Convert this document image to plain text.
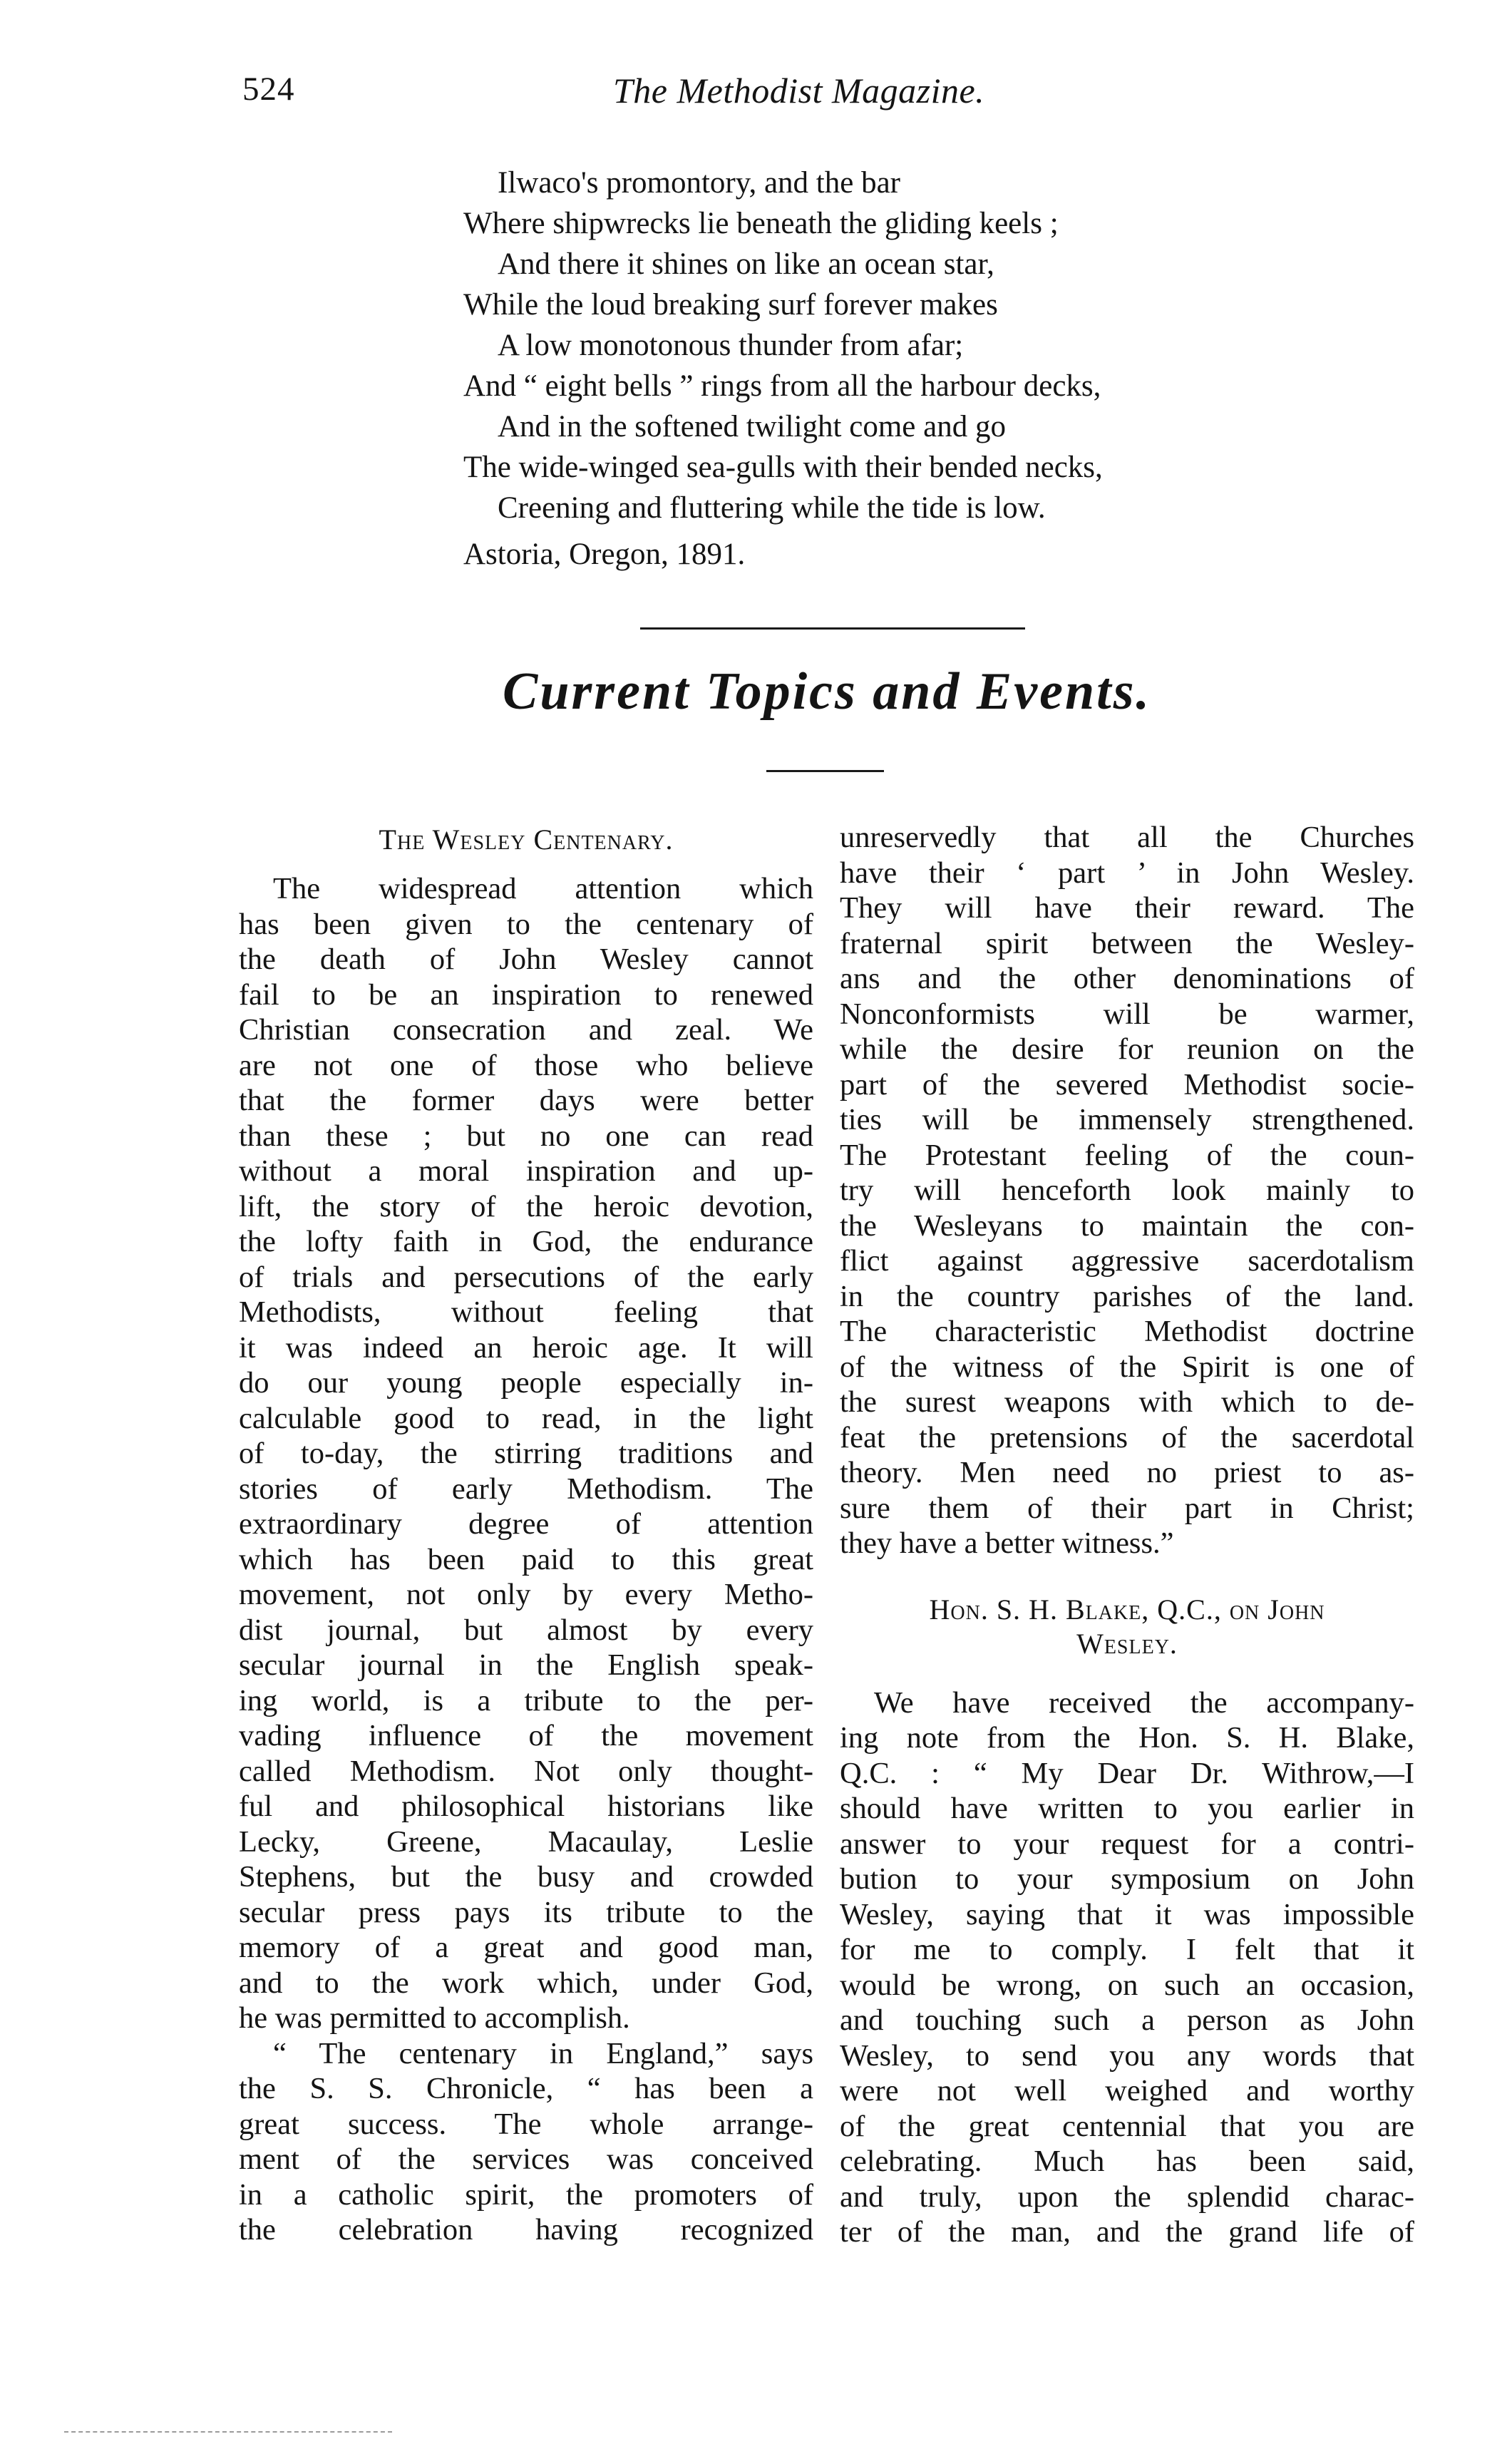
524	The Methodist Magazine.
Ilwaco's promontory, and the bar
Where shipwrecks lie beneath the gliding keels ;
And there it shines on like an ocean star,
While the loud breaking surf forever makes
A low monotonous thunder from afar;
And “ eight bells ” rings from all the harbour decks,
And in the softened twilight come and go
The wide-winged sea-gulls with their bended necks,
Creening and fluttering while the tide is low.
Astoria, Oregon, 1891.
Current Topics and Events.
The Wesley Centenary.
The widespread attention which
has been given to the centenary of
the death of John Wesley cannot
fail to be an inspiration to renewed
Christian consecration and zeal. We
are not one of those who believe
that the former days were better
than these ; but no one can read
without a moral inspiration and up-
lift, the story of the heroic devotion,
the lofty faith in God, the endurance
of trials and persecutions of the early
Methodists, without feeling that
it was indeed an heroic age. It will
do our young people especially in-
calculable good to read, in the light
of to-day, the stirring traditions and
stories of early Methodism. The
extraordinary degree of attention
which has been paid to this great
movement, not only by every Metho-
dist journal, but almost by every
secular journal in the English speak-
ing world, is a tribute to the per-
vading influence of the movement
called Methodism. Not only thought-
ful and philosophical historians like
Lecky, Greene, Macaulay, Leslie
Stephens, but the busy and crowded
secular press pays its tribute to the
memory of a great and good man,
and to the work which, under God,
he was permitted to accomplish.
“ The centenary in England,” says
the S. S. Chronicle, “ has been a
great success. The whole arrange-
ment of the services was conceived
in a catholic spirit, the promoters of
the celebration having recognized
unreservedly that all the Churches
have their ‘ part ’ in John Wesley.
They will have their reward. The
fraternal spirit between the Wesley-
ans and the other denominations of
Nonconformists will be warmer,
while the desire for reunion on the
part of the severed Methodist socie-
ties will be immensely strengthened.
The Protestant feeling of the coun-
try will henceforth look mainly to
the Wesleyans to maintain the con-
flict against aggressive sacerdotalism
in the country parishes of the land.
The characteristic Methodist doctrine
of the witness of the Spirit is one of
the surest weapons with which to de-
feat the pretensions of the sacerdotal
theory. Men need no priest to as-
sure them of their part in Christ;
they have a better witness.”
Hon. S. H. Blake, Q.C., on John
Wesley.
We have received the accompany-
ing note from the Hon. S. H. Blake,
Q.C. : “ My Dear Dr. Withrow,—I
should have written to you earlier in
answer to your request for a contri-
bution to your symposium on John
Wesley, saying that it was impossible
for me to comply. I felt that it
would be wrong, on such an occasion,
and touching such a person as John
Wesley, to send you any words that
were not well weighed and worthy
of the great centennial that you are
celebrating. Much has been said,
and truly, upon the splendid charac-
ter of the man, and the grand life of
